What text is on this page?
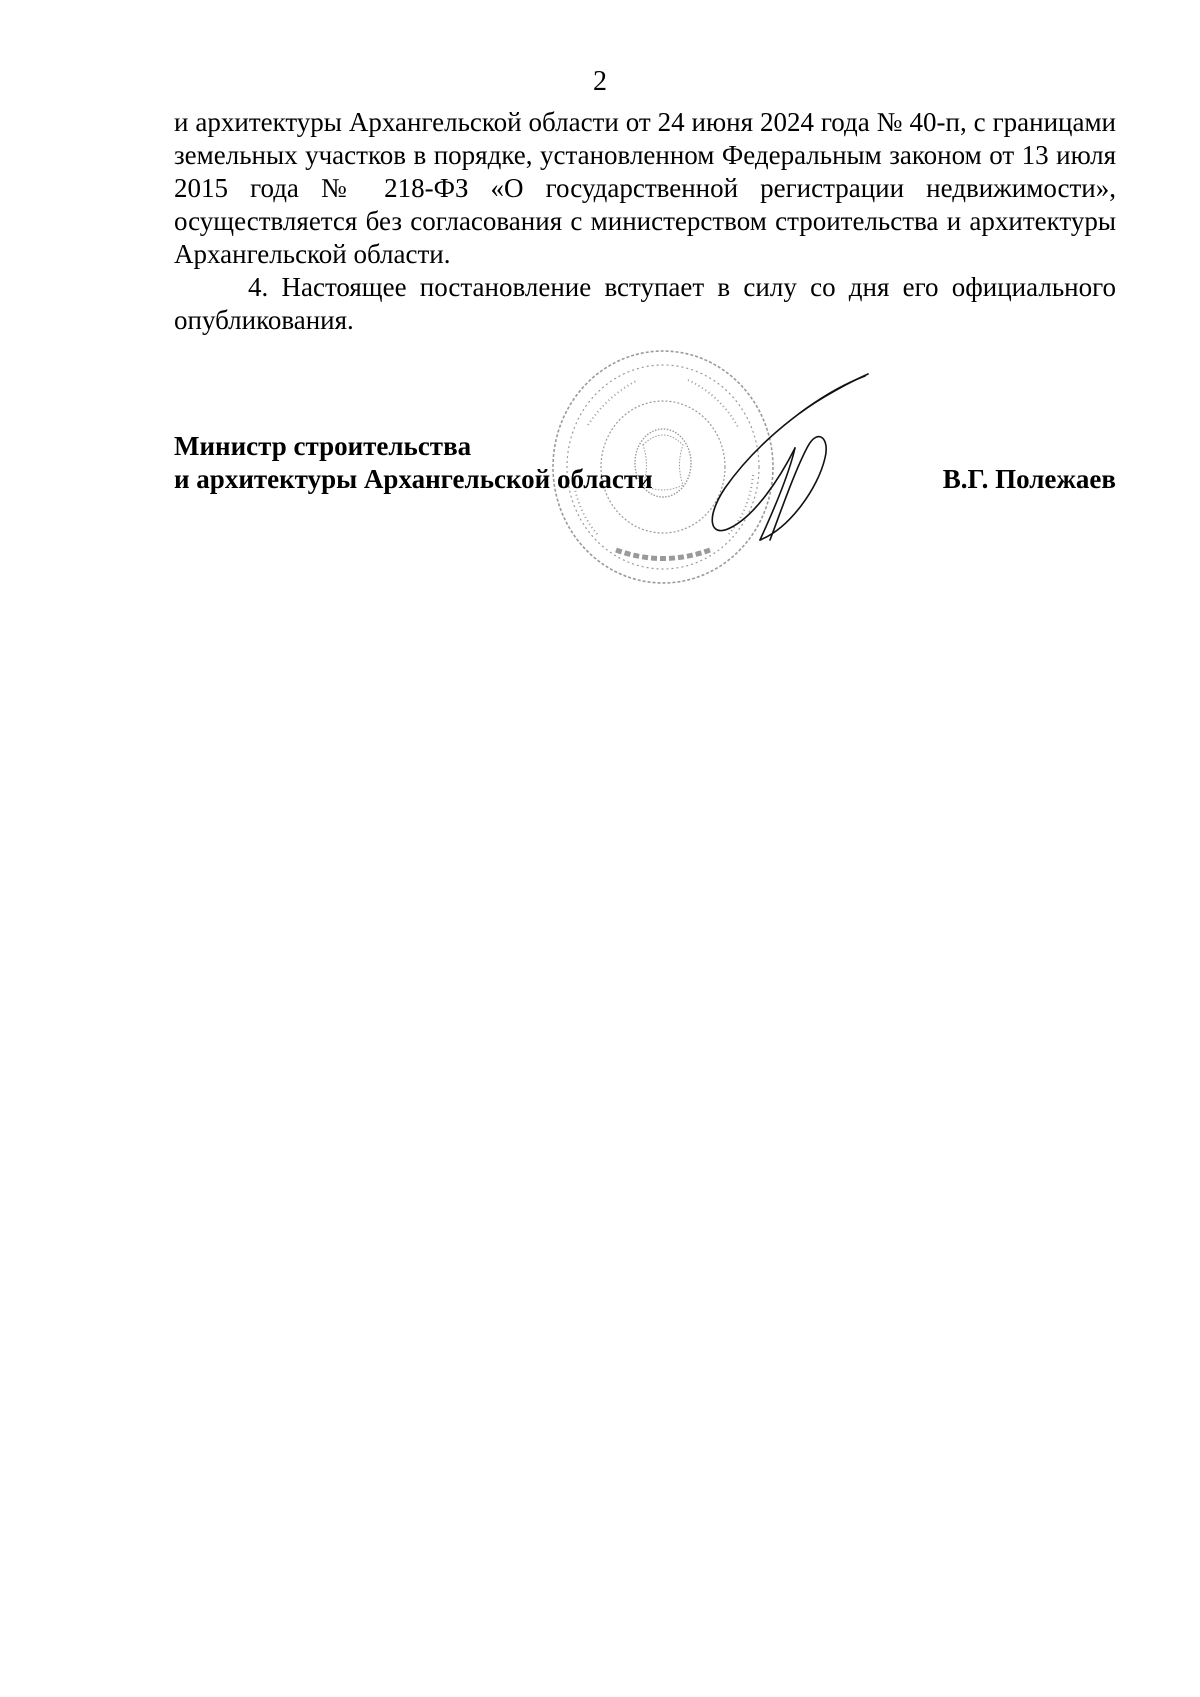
2

и архитектуры Архангельской области от 24 июня 2024 года № 40-п, с границами земельных участков в порядке, установленном Федеральным законом от 13 июля 2015 года № 218-ФЗ «О государственной регистрации недвижимости», осуществляется без согласования с министерством строительства и архитектуры Архангельской области.

4. Настоящее постановление вступает в силу со дня его официального опубликования.

Министр строительства
и архитектуры Архангельской области	В.Г. Полежаев
